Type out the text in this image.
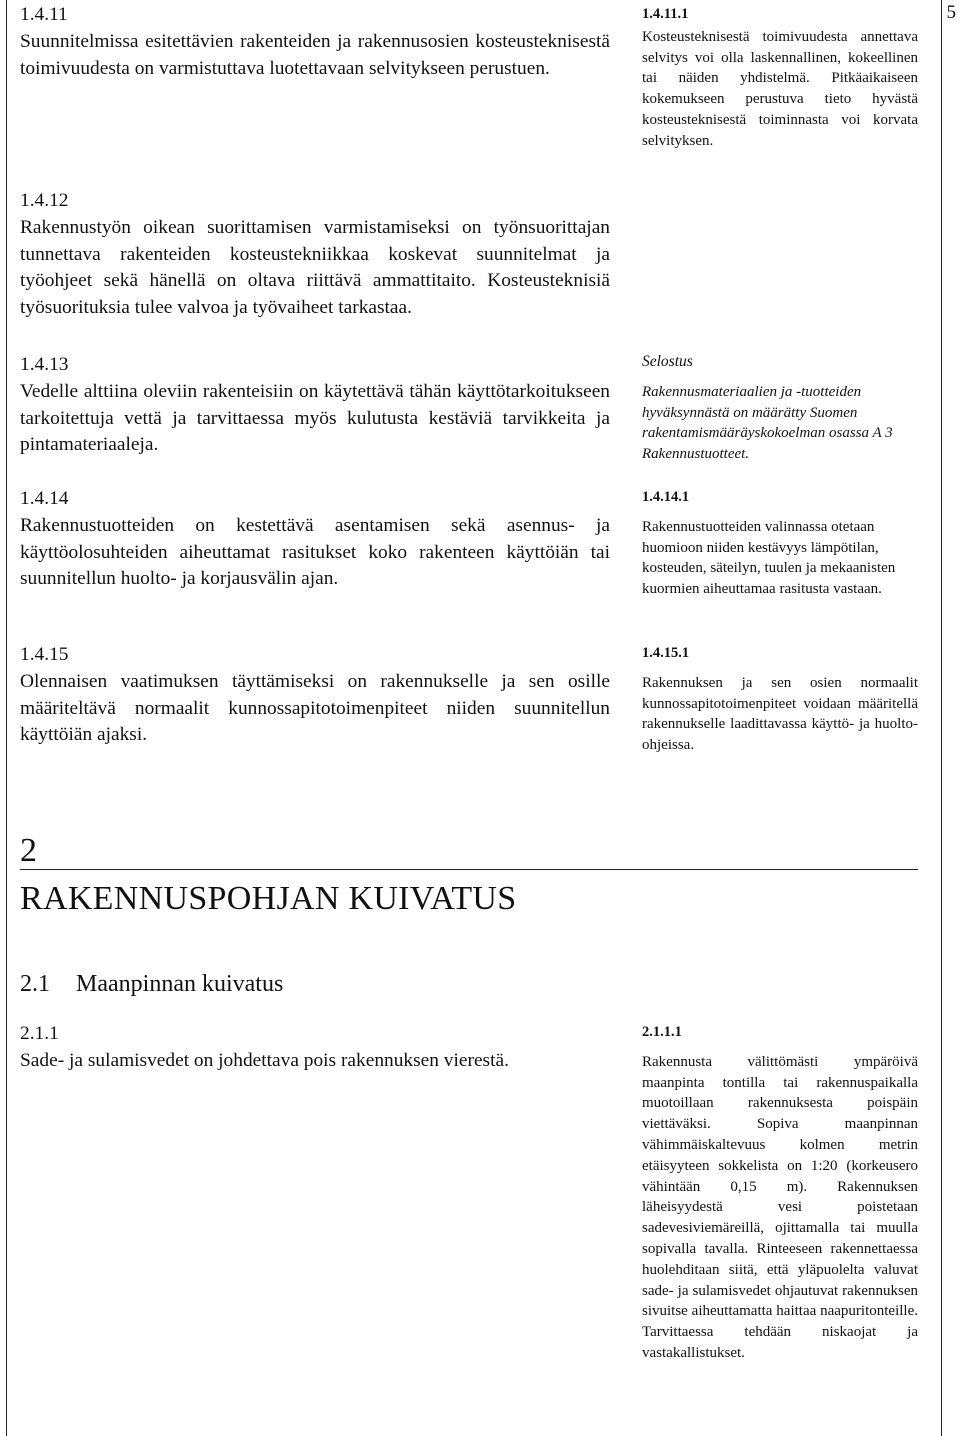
5
1.4.11
Suunnitelmissa esitettävien rakenteiden ja rakennusosien kosteusteknisestä toimivuudesta on varmistuttava luotettavaan selvitykseen perustuen.
1.4.12
Rakennustyön oikean suorittamisen varmistamiseksi on työnsuorittajan tunnettava rakenteiden kosteustekniikkaa koskevat suunnitelmat ja työohjeet sekä hänellä on oltava riittävä ammattitaito. Kosteusteknisiä työsuorituksia tulee valvoa ja työvaiheet tarkastaa.
1.4.13
Vedelle alttiina oleviin rakenteisiin on käytettävä tähän käyttötarkoitukseen tarkoitettuja vettä ja tarvittaessa myös kulutusta kestäviä tarvikkeita ja pintamateriaaleja.
1.4.14
Rakennustuotteiden on kestettävä asentamisen sekä asennus- ja käyttöolosuhteiden aiheuttamat rasitukset koko rakenteen käyttöiän tai suunnitellun huolto- ja korjausvälin ajan.
1.4.15
Olennaisen vaatimuksen täyttämiseksi on rakennukselle ja sen osille määriteltävä normaalit kunnossapitotoimenpiteet niiden suunnitellun käyttöiän ajaksi.
2
RAKENNUSPOHJAN KUIVATUS
2.1 Maanpinnan kuivatus
2.1.1
Sade- ja sulamisvedet on johdettava pois rakennuksen vierestä.
1.4.11.1
Kosteusteknisestä toimivuudesta annettava selvitys voi olla laskennallinen, kokeellinen tai näiden yhdistelmä. Pitkäaikaiseen kokemukseen perustuva tieto hyvästä kosteusteknisestä toiminnasta voi korvata selvityksen.
Selostus
Rakennusmateriaalien ja -tuotteiden hyväksynnästä on määrätty Suomen rakentamismääräyskokoelman osassa A 3 Rakennustuotteet.
1.4.14.1
Rakennustuotteiden valinnassa otetaan huomioon niiden kestävyys lämpötilan, kosteuden, säteilyn, tuulen ja mekaanisten kuormien aiheuttamaa rasitusta vastaan.
1.4.15.1
Rakennuksen ja sen osien normaalit kunnossapitotoimenpiteet voidaan määritellä rakennukselle laadittavassa käyttö- ja huolto-ohjeissa.
2.1.1.1
Rakennusta välittömästi ympäröivä maanpinta tontilla tai rakennuspaikalla muotoillaan rakennuksesta poispäin viettäväksi. Sopiva maanpinnan vähimmäiskaltevuus kolmen metrin etäisyyteen sokkelista on 1:20 (korkeusero vähintään 0,15 m). Rakennuksen läheisyydestä vesi poistetaan sadevesiviemäreillä, ojittamalla tai muulla sopivalla tavalla. Rinteeseen rakennettaessa huolehditaan siitä, että yläpuolelta valuvat sade- ja sulamisvedet ohjautuvat rakennuksen sivuitse aiheuttamatta haittaa naapuritonteille. Tarvittaessa tehdään niskaojat ja vastakallistukset.
